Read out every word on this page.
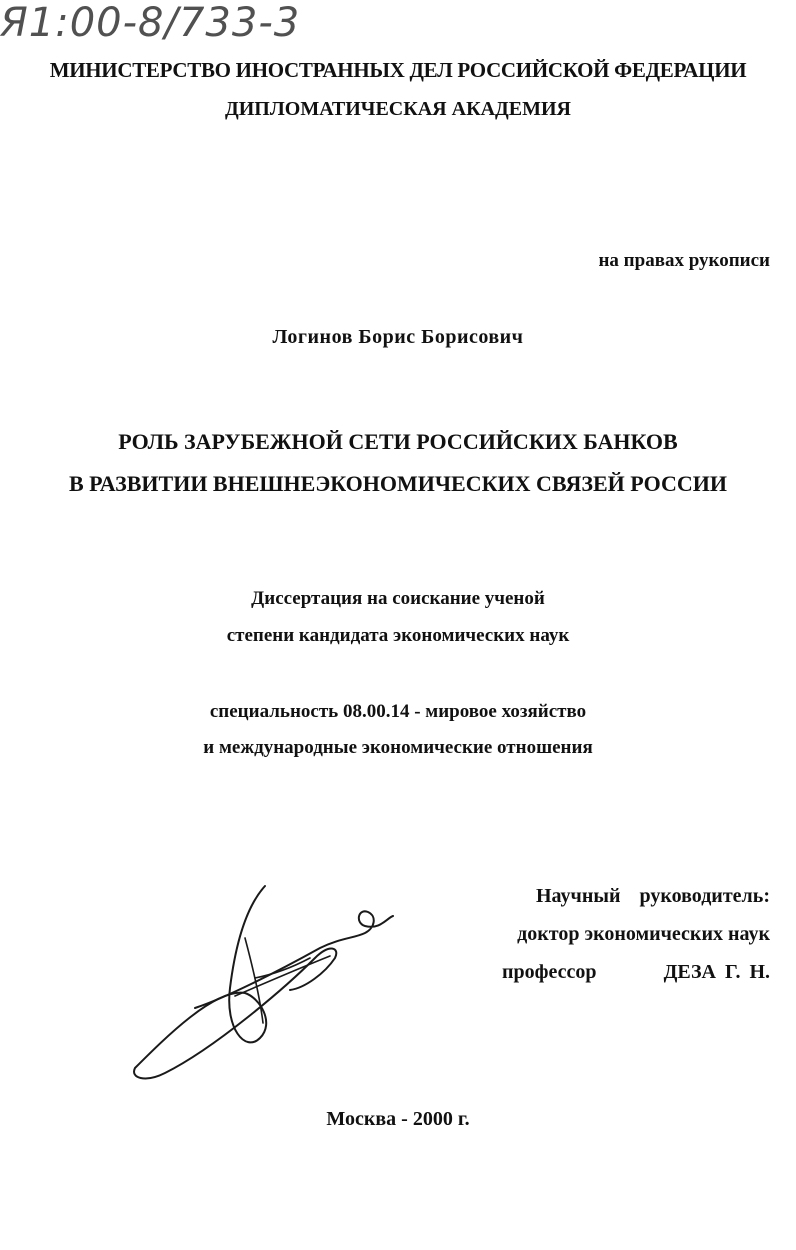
Я1:00-8/733-3
МИНИСТЕРСТВО ИНОСТРАННЫХ ДЕЛ РОССИЙСКОЙ ФЕДЕРАЦИИ
ДИПЛОМАТИЧЕСКАЯ АКАДЕМИЯ
на правах рукописи
Логинов Борис Борисович
РОЛЬ ЗАРУБЕЖНОЙ СЕТИ РОССИЙСКИХ БАНКОВ
В РАЗВИТИИ ВНЕШНЕЭКОНОМИЧЕСКИХ СВЯЗЕЙ РОССИИ
Диссертация на соискание ученой
степени кандидата экономических наук
специальность 08.00.14 - мировое хозяйство
и международные экономические отношения
Научный руководитель:
доктор экономических наук
профессор	ДЕЗА Г. Н.
Москва - 2000 г.
